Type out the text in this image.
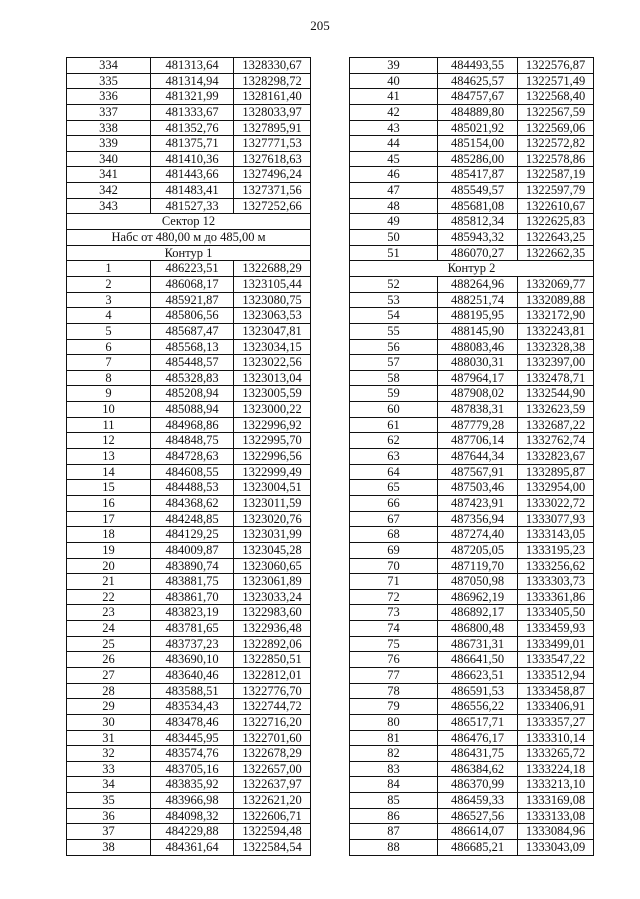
205
334	481313,64	1328330,67
335	481314,94	1328298,72
336	481321,99	1328161,40
337	481333,67	1328033,97
338	481352,76	1327895,91
339	481375,71	1327771,53
340	481410,36	1327618,63
341	481443,66	1327496,24
342	481483,41	1327371,56
343	481527,33	1327252,66
Сектор 12
Набс от 480,00 м до 485,00 м
Контур 1
1	486223,51	1322688,29
2	486068,17	1323105,44
3	485921,87	1323080,75
4	485806,56	1323063,53
5	485687,47	1323047,81
6	485568,13	1323034,15
7	485448,57	1323022,56
8	485328,83	1323013,04
9	485208,94	1323005,59
10	485088,94	1323000,22
11	484968,86	1322996,92
12	484848,75	1322995,70
13	484728,63	1322996,56
14	484608,55	1322999,49
15	484488,53	1323004,51
16	484368,62	1323011,59
17	484248,85	1323020,76
18	484129,25	1323031,99
19	484009,87	1323045,28
20	483890,74	1323060,65
21	483881,75	1323061,89
22	483861,70	1323033,24
23	483823,19	1322983,60
24	483781,65	1322936,48
25	483737,23	1322892,06
26	483690,10	1322850,51
27	483640,46	1322812,01
28	483588,51	1322776,70
29	483534,43	1322744,72
30	483478,46	1322716,20
31	483445,95	1322701,60
32	483574,76	1322678,29
33	483705,16	1322657,00
34	483835,92	1322637,97
35	483966,98	1322621,20
36	484098,32	1322606,71
37	484229,88	1322594,48
38	484361,64	1322584,54
39	484493,55	1322576,87
40	484625,57	1322571,49
41	484757,67	1322568,40
42	484889,80	1322567,59
43	485021,92	1322569,06
44	485154,00	1322572,82
45	485286,00	1322578,86
46	485417,87	1322587,19
47	485549,57	1322597,79
48	485681,08	1322610,67
49	485812,34	1322625,83
50	485943,32	1322643,25
51	486070,27	1322662,35
Контур 2
52	488264,96	1332069,77
53	488251,74	1332089,88
54	488195,95	1332172,90
55	488145,90	1332243,81
56	488083,46	1332328,38
57	488030,31	1332397,00
58	487964,17	1332478,71
59	487908,02	1332544,90
60	487838,31	1332623,59
61	487779,28	1332687,22
62	487706,14	1332762,74
63	487644,34	1332823,67
64	487567,91	1332895,87
65	487503,46	1332954,00
66	487423,91	1333022,72
67	487356,94	1333077,93
68	487274,40	1333143,05
69	487205,05	1333195,23
70	487119,70	1333256,62
71	487050,98	1333303,73
72	486962,19	1333361,86
73	486892,17	1333405,50
74	486800,48	1333459,93
75	486731,31	1333499,01
76	486641,50	1333547,22
77	486623,51	1333512,94
78	486591,53	1333458,87
79	486556,22	1333406,91
80	486517,71	1333357,27
81	486476,17	1333310,14
82	486431,75	1333265,72
83	486384,62	1333224,18
84	486370,99	1333213,10
85	486459,33	1333169,08
86	486527,56	1333133,08
87	486614,07	1333084,96
88	486685,21	1333043,09
